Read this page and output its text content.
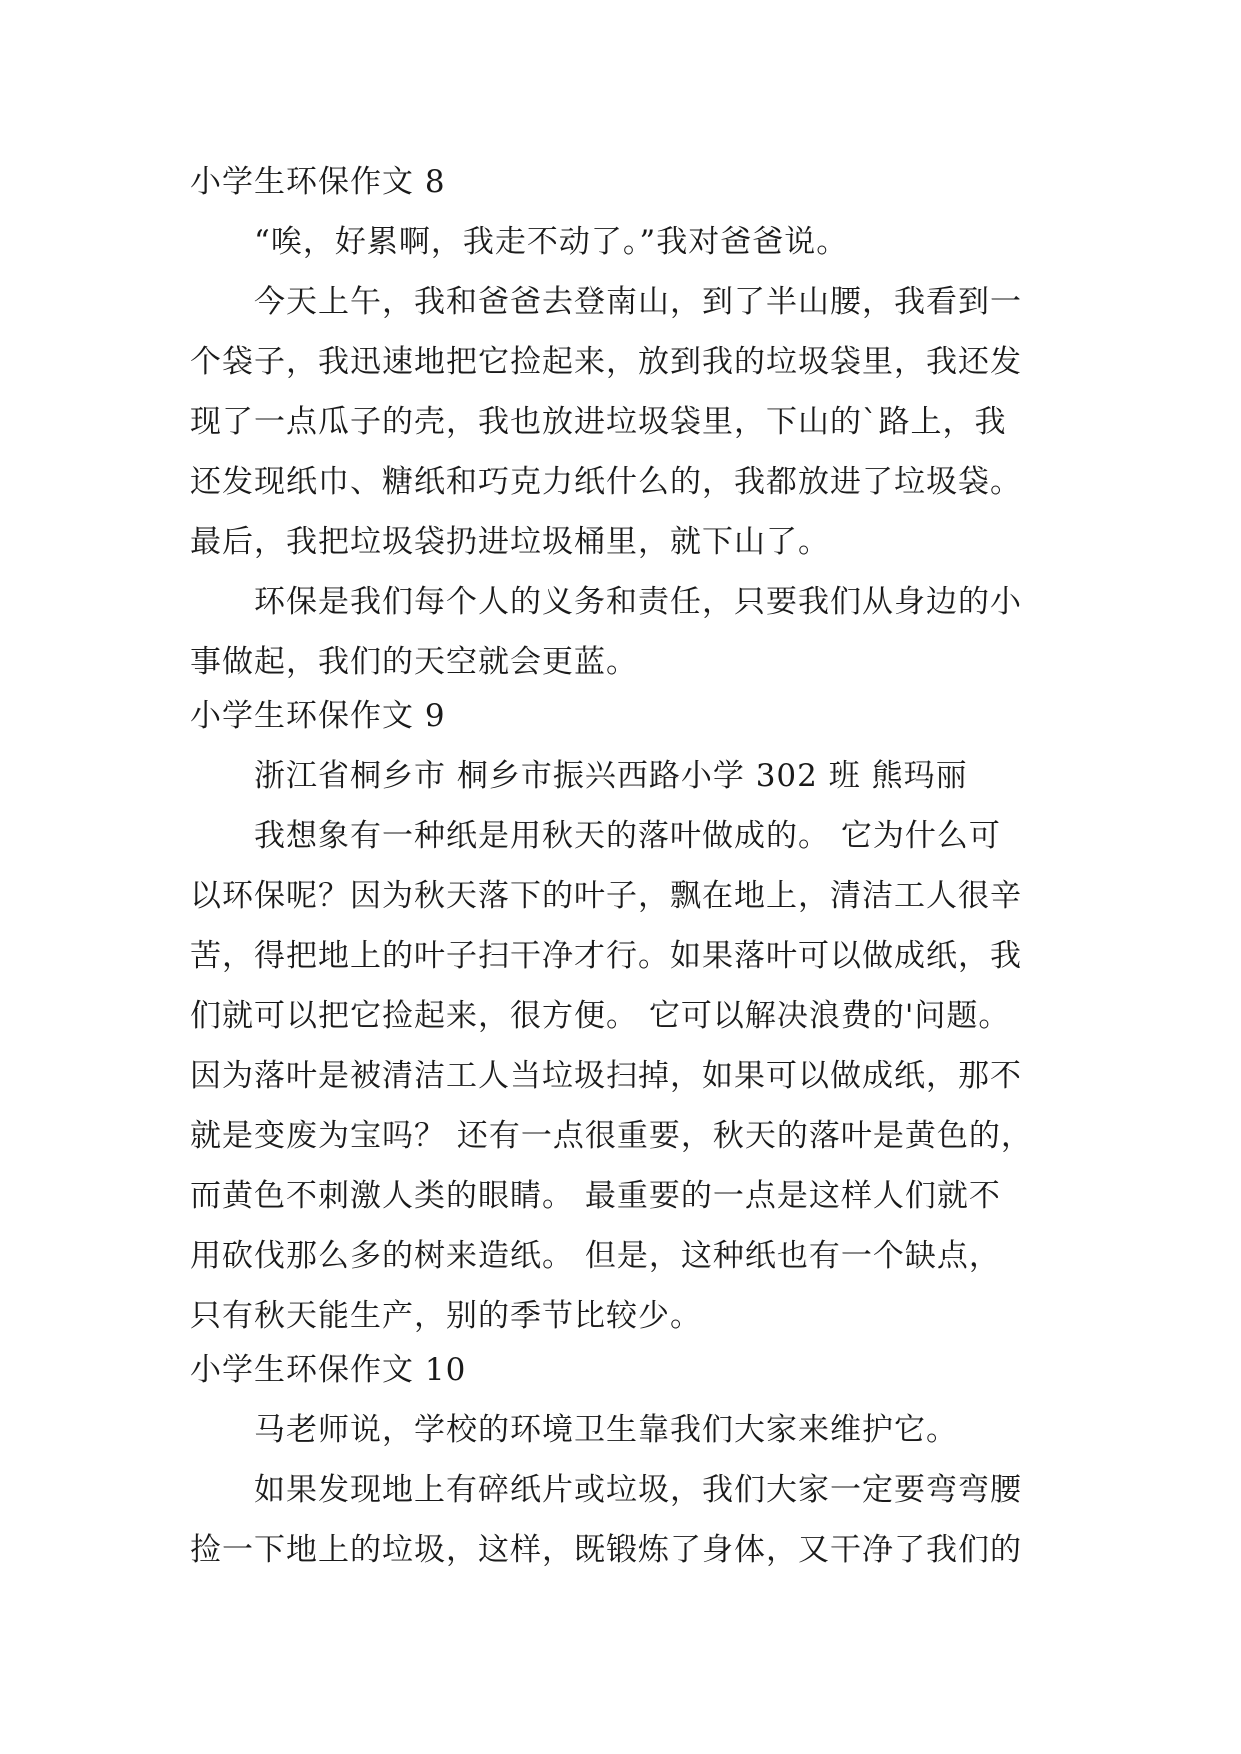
小学生环保作文 8
“唉，好累啊，我走不动了。”我对爸爸说。
今天上午，我和爸爸去登南山，到了半山腰，我看到一
个袋子，我迅速地把它捡起来，放到我的垃圾袋里，我还发
现了一点瓜子的壳，我也放进垃圾袋里，下山的`路上，我
还发现纸巾、糖纸和巧克力纸什么的，我都放进了垃圾袋。
最后，我把垃圾袋扔进垃圾桶里，就下山了。
环保是我们每个人的义务和责任，只要我们从身边的小
事做起，我们的天空就会更蓝。
小学生环保作文 9
浙江省桐乡市 桐乡市振兴西路小学 302 班 熊玛丽
我想象有一种纸是用秋天的落叶做成的。 它为什么可
以环保呢？因为秋天落下的叶子，飘在地上，清洁工人很辛
苦，得把地上的叶子扫干净才行。如果落叶可以做成纸，我
们就可以把它捡起来，很方便。 它可以解决浪费的'问题。
因为落叶是被清洁工人当垃圾扫掉，如果可以做成纸，那不
就是变废为宝吗？ 还有一点很重要，秋天的落叶是黄色的，
而黄色不刺激人类的眼睛。 最重要的一点是这样人们就不
用砍伐那么多的树来造纸。 但是，这种纸也有一个缺点，
只有秋天能生产，别的季节比较少。
小学生环保作文 10
马老师说，学校的环境卫生靠我们大家来维护它。
如果发现地上有碎纸片或垃圾，我们大家一定要弯弯腰
捡一下地上的垃圾，这样，既锻炼了身体，又干净了我们的
